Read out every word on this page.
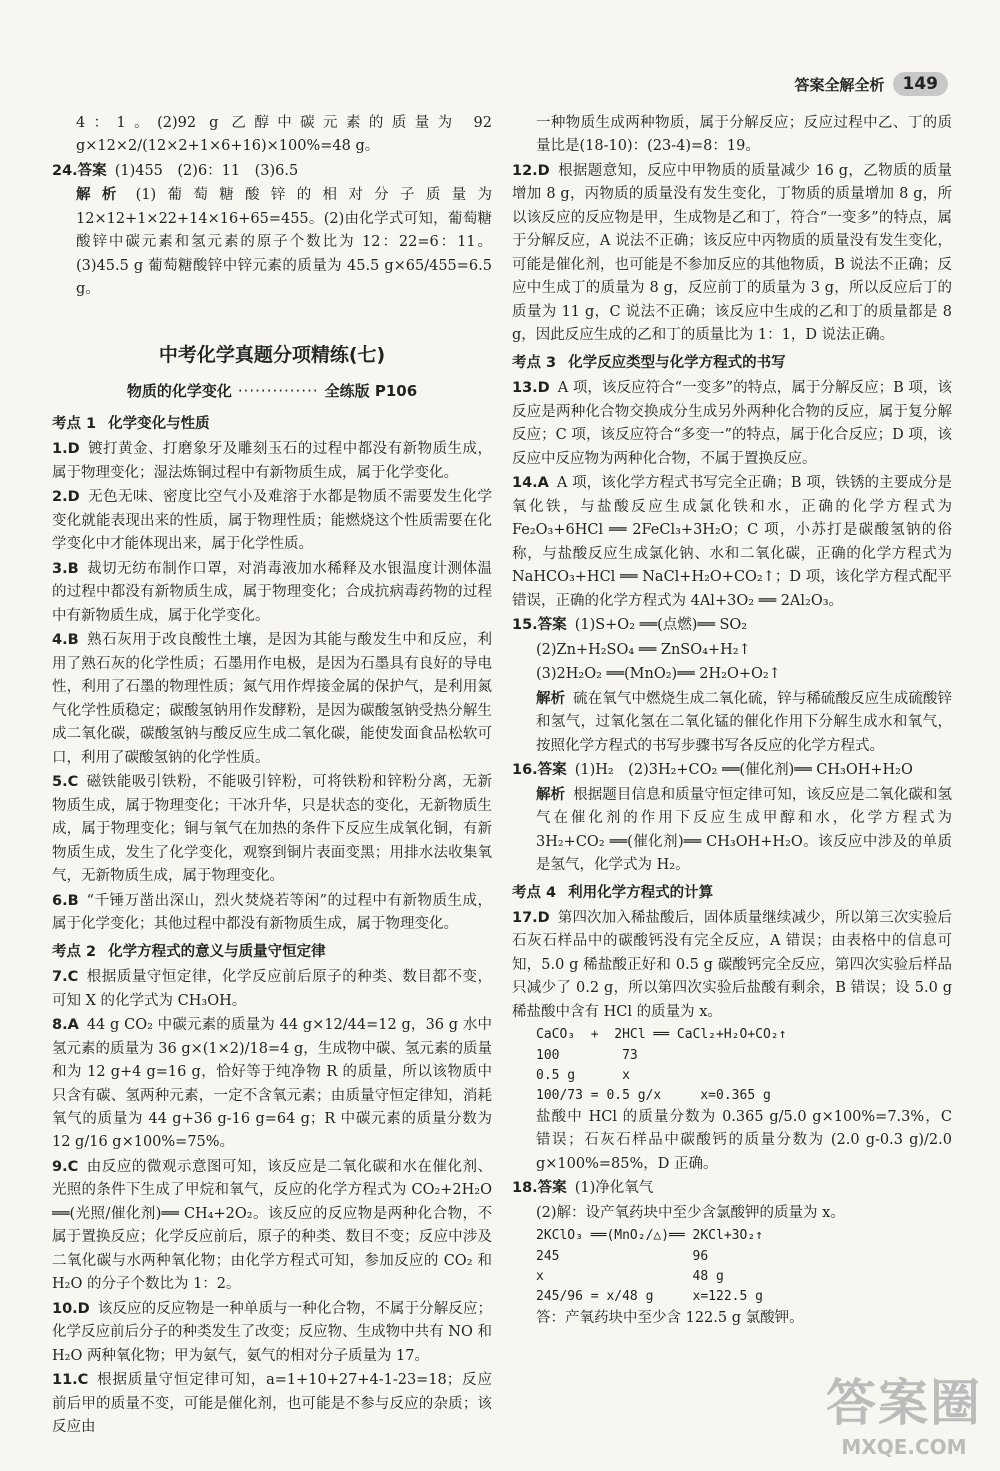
答案全解全析	149

4：1。(2)92 g 乙醇中碳元素的质量为 92 g×12×2/(12×2+1×6+16)×100%=48 g。

24.答案 (1)455　(2)6：11　(3)6.5

解析 (1)葡萄糖酸锌的相对分子质量为 12×12+1×22+14×16+65=455。(2)由化学式可知，葡萄糖酸锌中碳元素和氢元素的原子个数比为 12：22=6：11。(3)45.5 g 葡萄糖酸锌中锌元素的质量为 45.5 g×65/455=6.5 g。

中考化学真题分项精练(七)
物质的化学变化 ·············· 全练版 P106
考点 1 化学变化与性质

1.D 镀打黄金、打磨象牙及雕刻玉石的过程中都没有新物质生成，属于物理变化；湿法炼铜过程中有新物质生成，属于化学变化。

2.D 无色无味、密度比空气小及难溶于水都是物质不需要发生化学变化就能表现出来的性质，属于物理性质；能燃烧这个性质需要在化学变化中才能体现出来，属于化学性质。

3.B 裁切无纺布制作口罩，对消毒液加水稀释及水银温度计测体温的过程中都没有新物质生成，属于物理变化；合成抗病毒药物的过程中有新物质生成，属于化学变化。

4.B 熟石灰用于改良酸性土壤，是因为其能与酸发生中和反应，利用了熟石灰的化学性质；石墨用作电极，是因为石墨具有良好的导电性，利用了石墨的物理性质；氮气用作焊接金属的保护气，是利用氮气化学性质稳定；碳酸氢钠用作发酵粉，是因为碳酸氢钠受热分解生成二氧化碳，碳酸氢钠与酸反应生成二氧化碳，能使发面食品松软可口，利用了碳酸氢钠的化学性质。

5.C 磁铁能吸引铁粉，不能吸引锌粉，可将铁粉和锌粉分离，无新物质生成，属于物理变化；干冰升华，只是状态的变化，无新物质生成，属于物理变化；铜与氧气在加热的条件下反应生成氧化铜，有新物质生成，发生了化学变化，观察到铜片表面变黑；用排水法收集氧气，无新物质生成，属于物理变化。

6.B “千锤万凿出深山，烈火焚烧若等闲”的过程中有新物质生成，属于化学变化；其他过程中都没有新物质生成，属于物理变化。

考点 2 化学方程式的意义与质量守恒定律

7.C 根据质量守恒定律，化学反应前后原子的种类、数目都不变，可知 X 的化学式为 CH₃OH。

8.A 44 g CO₂ 中碳元素的质量为 44 g×12/44=12 g，36 g 水中氢元素的质量为 36 g×(1×2)/18=4 g，生成物中碳、氢元素的质量和为 12 g+4 g=16 g，恰好等于纯净物 R 的质量，所以该物质中只含有碳、氢两种元素，一定不含氧元素；由质量守恒定律知，消耗氧气的质量为 44 g+36 g-16 g=64 g；R 中碳元素的质量分数为 12 g/16 g×100%=75%。

9.C 由反应的微观示意图可知，该反应是二氧化碳和水在催化剂、光照的条件下生成了甲烷和氧气，反应的化学方程式为 CO₂+2H₂O ══(光照/催化剂)══ CH₄+2O₂。该反应的反应物是两种化合物，不属于置换反应；化学反应前后，原子的种类、数目不变；反应中涉及二氧化碳与水两种氧化物；由化学方程式可知，参加反应的 CO₂ 和 H₂O 的分子个数比为 1：2。

10.D 该反应的反应物是一种单质与一种化合物，不属于分解反应；化学反应前后分子的种类发生了改变；反应物、生成物中共有 NO 和 H₂O 两种氧化物；甲为氨气，氨气的相对分子质量为 17。

11.C 根据质量守恒定律可知，a=1+10+27+4-1-23=18；反应前后甲的质量不变，可能是催化剂，也可能是不参与反应的杂质；该反应由

一种物质生成两种物质，属于分解反应；反应过程中乙、丁的质量比是(18-10)：(23-4)=8：19。

12.D 根据题意知，反应中甲物质的质量减少 16 g，乙物质的质量增加 8 g，丙物质的质量没有发生变化，丁物质的质量增加 8 g，所以该反应的反应物是甲，生成物是乙和丁，符合“一变多”的特点，属于分解反应，A 说法不正确；该反应中丙物质的质量没有发生变化，可能是催化剂，也可能是不参加反应的其他物质，B 说法不正确；反应中生成丁的质量为 8 g，反应前丁的质量为 3 g，所以反应后丁的质量为 11 g，C 说法不正确；该反应中生成的乙和丁的质量都是 8 g，因此反应生成的乙和丁的质量比为 1：1，D 说法正确。

考点 3 化学反应类型与化学方程式的书写

13.D A 项，该反应符合“一变多”的特点，属于分解反应；B 项，该反应是两种化合物交换成分生成另外两种化合物的反应，属于复分解反应；C 项，该反应符合“多变一”的特点，属于化合反应；D 项，该反应中反应物为两种化合物，不属于置换反应。

14.A A 项，该化学方程式书写完全正确；B 项，铁锈的主要成分是氧化铁，与盐酸反应生成氯化铁和水，正确的化学方程式为 Fe₂O₃+6HCl ══ 2FeCl₃+3H₂O；C 项，小苏打是碳酸氢钠的俗称，与盐酸反应生成氯化钠、水和二氧化碳，正确的化学方程式为 NaHCO₃+HCl ══ NaCl+H₂O+CO₂↑；D 项，该化学方程式配平错误，正确的化学方程式为 4Al+3O₂ ══ 2Al₂O₃。

15.答案 (1)S+O₂ ══(点燃)══ SO₂

(2)Zn+H₂SO₄ ══ ZnSO₄+H₂↑

(3)2H₂O₂ ══(MnO₂)══ 2H₂O+O₂↑

解析 硫在氧气中燃烧生成二氧化硫，锌与稀硫酸反应生成硫酸锌和氢气，过氧化氢在二氧化锰的催化作用下分解生成水和氧气，按照化学方程式的书写步骤书写各反应的化学方程式。

16.答案 (1)H₂　(2)3H₂+CO₂ ══(催化剂)══ CH₃OH+H₂O

解析 根据题目信息和质量守恒定律可知，该反应是二氧化碳和氢气在催化剂的作用下反应生成甲醇和水，化学方程式为 3H₂+CO₂ ══(催化剂)══ CH₃OH+H₂O。该反应中涉及的单质是氢气，化学式为 H₂。

考点 4 利用化学方程式的计算

17.D 第四次加入稀盐酸后，固体质量继续减少，所以第三次实验后石灰石样品中的碳酸钙没有完全反应，A 错误；由表格中的信息可知，5.0 g 稀盐酸正好和 0.5 g 碳酸钙完全反应，第四次实验后样品只减少了 0.2 g，所以第四次实验后盐酸有剩余，B 错误；设 5.0 g 稀盐酸中含有 HCl 的质量为 x。

CaCO₃  +  2HCl ══ CaCl₂+H₂O+CO₂↑
100        73
0.5 g      x
100/73 = 0.5 g/x     x=0.365 g

盐酸中 HCl 的质量分数为 0.365 g/5.0 g×100%=7.3%，C 错误；石灰石样品中碳酸钙的质量分数为 (2.0 g-0.3 g)/2.0 g×100%=85%，D 正确。

18.答案 (1)净化氧气

(2)解：设产氧药块中至少含氯酸钾的质量为 x。

2KClO₃ ══(MnO₂/△)══ 2KCl+3O₂↑
245                 96
x                   48 g
245/96 = x/48 g     x=122.5 g

答：产氧药块中至少含 122.5 g 氯酸钾。

答案圈
MXQE.COM
